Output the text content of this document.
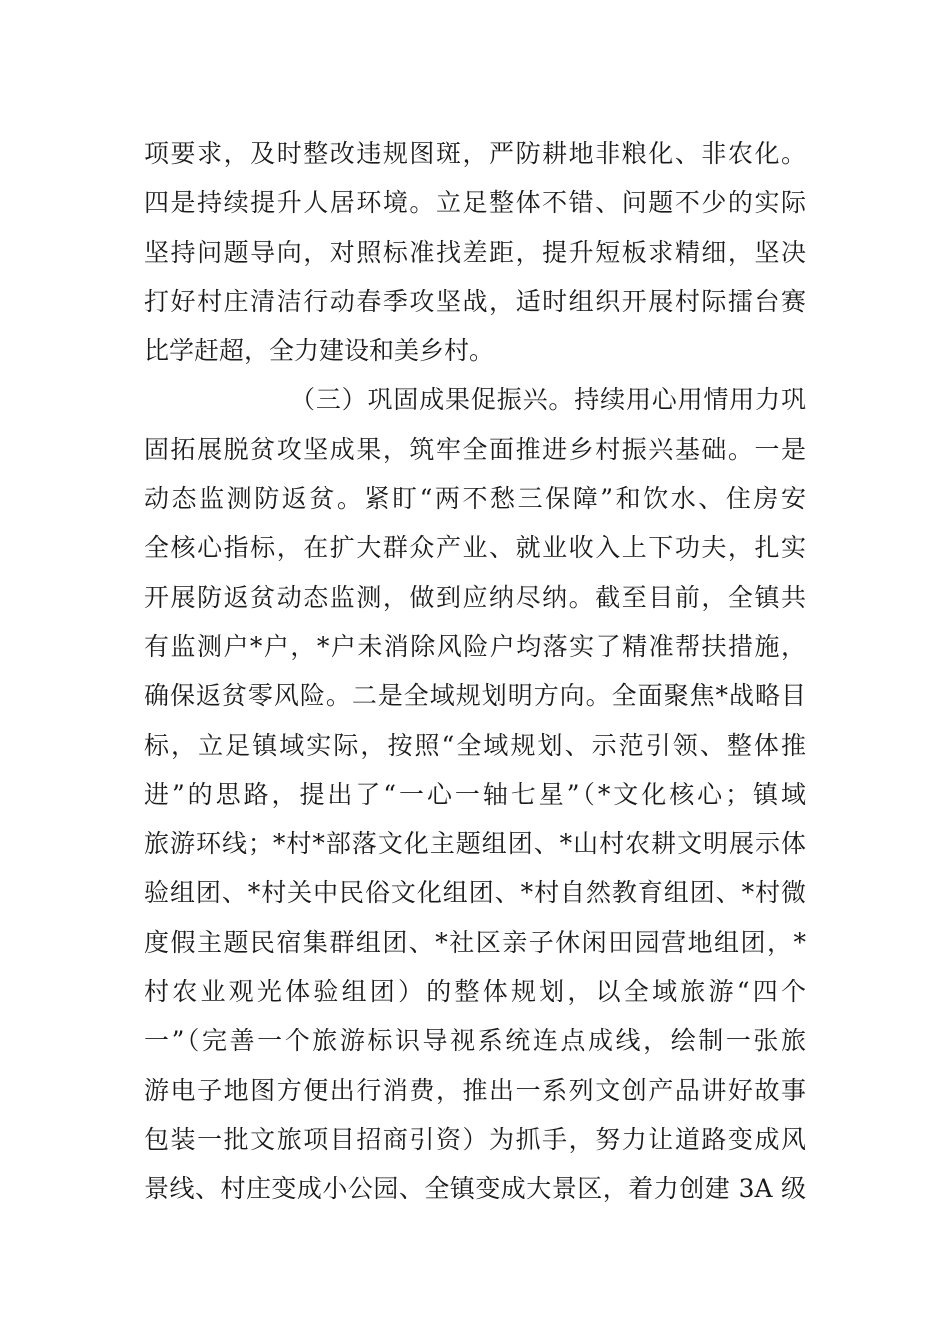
项要求，及时整改违规图斑，严防耕地非粮化、非农化。
四是持续提升人居环境。立足整体不错、问题不少的实际
坚持问题导向，对照标准找差距，提升短板求精细，坚决
打好村庄清洁行动春季攻坚战，适时组织开展村际擂台赛
比学赶超，全力建设和美乡村。
（三）巩固成果促振兴。持续用心用情用力巩
固拓展脱贫攻坚成果，筑牢全面推进乡村振兴基础。一是
动态监测防返贫。紧盯“两不愁三保障”和饮水、住房安
全核心指标，在扩大群众产业、就业收入上下功夫，扎实
开展防返贫动态监测，做到应纳尽纳。截至目前，全镇共
有监测户*户，*户未消除风险户均落实了精准帮扶措施，
确保返贫零风险。二是全域规划明方向。全面聚焦*战略目
标，立足镇域实际，按照“全域规划、示范引领、整体推
进”的思路，提出了“一心一轴七星”（*文化核心；镇域
旅游环线；*村*部落文化主题组团、*山村农耕文明展示体
验组团、*村关中民俗文化组团、*村自然教育组团、*村微
度假主题民宿集群组团、*社区亲子休闲田园营地组团，*
村农业观光体验组团）的整体规划，以全域旅游“四个
一”（完善一个旅游标识导视系统连点成线，绘制一张旅
游电子地图方便出行消费，推出一系列文创产品讲好故事
包装一批文旅项目招商引资）为抓手，努力让道路变成风
景线、村庄变成小公园、全镇变成大景区，着力创建 3A 级
